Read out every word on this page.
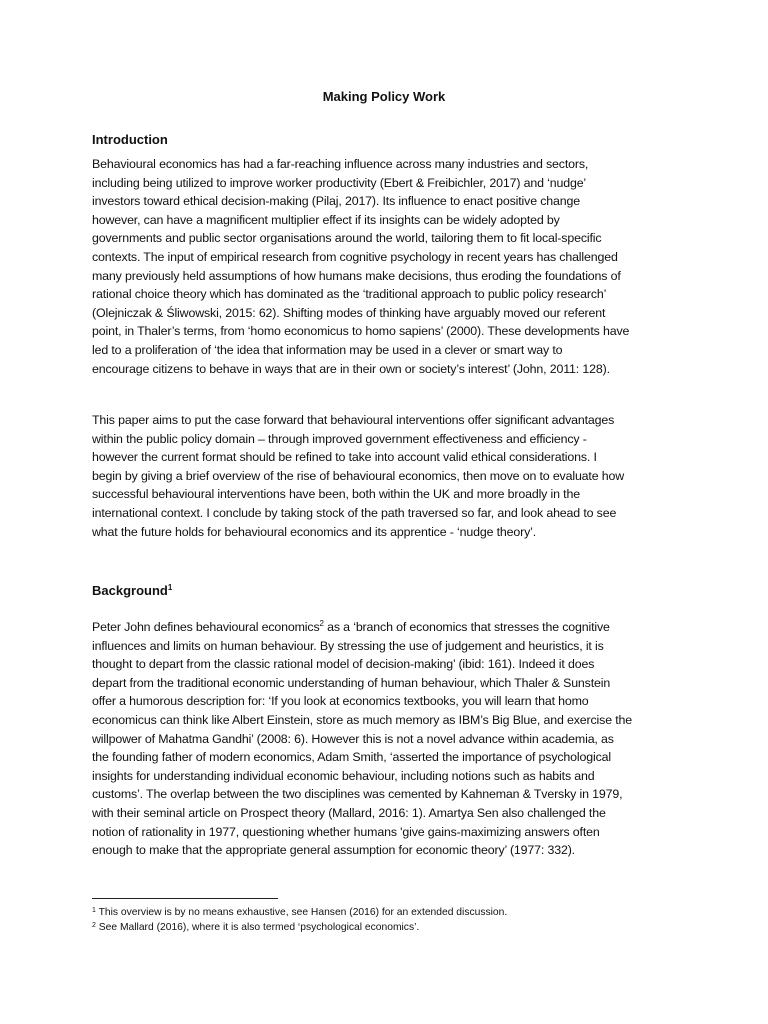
Making Policy Work
Introduction
Behavioural economics has had a far-reaching influence across many industries and sectors,
including being utilized to improve worker productivity (Ebert & Freibichler, 2017) and ‘nudge’
investors toward ethical decision-making (Pilaj, 2017). Its influence to enact positive change
however, can have a magnificent multiplier effect if its insights can be widely adopted by
governments and public sector organisations around the world, tailoring them to fit local-specific
contexts. The input of empirical research from cognitive psychology in recent years has challenged
many previously held assumptions of how humans make decisions, thus eroding the foundations of
rational choice theory which has dominated as the ‘traditional approach to public policy research’
(Olejniczak & Śliwowski, 2015: 62). Shifting modes of thinking have arguably moved our referent
point, in Thaler’s terms, from ‘homo economicus to homo sapiens’ (2000). These developments have
led to a proliferation of ‘the idea that information may be used in a clever or smart way to
encourage citizens to behave in ways that are in their own or society’s interest’ (John, 2011: 128).
This paper aims to put the case forward that behavioural interventions offer significant advantages
within the public policy domain – through improved government effectiveness and efficiency -
however the current format should be refined to take into account valid ethical considerations. I
begin by giving a brief overview of the rise of behavioural economics, then move on to evaluate how
successful behavioural interventions have been, both within the UK and more broadly in the
international context. I conclude by taking stock of the path traversed so far, and look ahead to see
what the future holds for behavioural economics and its apprentice - ‘nudge theory’.
Background$^1$
Peter John defines behavioural economics$^2$ as a ‘branch of economics that stresses the cognitive
influences and limits on human behaviour. By stressing the use of judgement and heuristics, it is
thought to depart from the classic rational model of decision-making’ (ibid: 161). Indeed it does
depart from the traditional economic understanding of human behaviour, which Thaler & Sunstein
offer a humorous description for: ‘If you look at economics textbooks, you will learn that homo
economicus can think like Albert Einstein, store as much memory as IBM’s Big Blue, and exercise the
willpower of Mahatma Gandhi’ (2008: 6). However this is not a novel advance within academia, as
the founding father of modern economics, Adam Smith, ‘asserted the importance of psychological
insights for understanding individual economic behaviour, including notions such as habits and
customs’. The overlap between the two disciplines was cemented by Kahneman & Tversky in 1979,
with their seminal article on Prospect theory (Mallard, 2016: 1). Amartya Sen also challenged the
notion of rationality in 1977, questioning whether humans 'give gains-maximizing answers often
enough to make that the appropriate general assumption for economic theory’ (1977: 332).
$^1$ This overview is by no means exhaustive, see Hansen (2016) for an extended discussion.
$^2$ See Mallard (2016), where it is also termed ‘psychological economics’.
